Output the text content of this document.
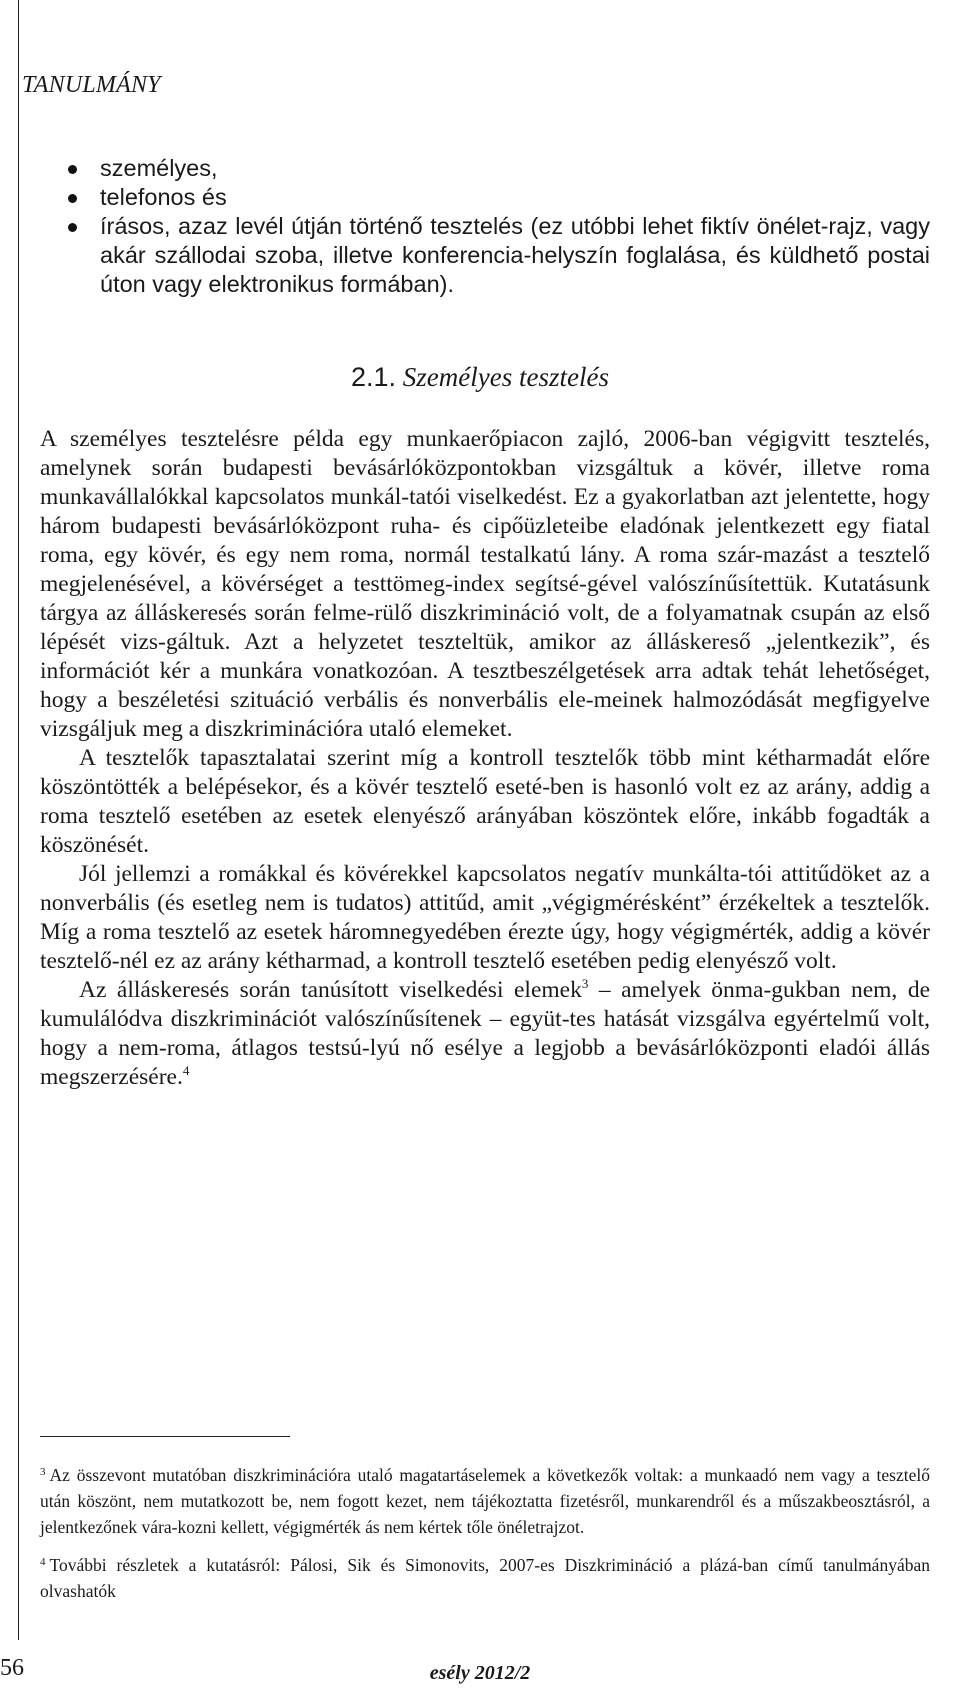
TANULMÁNY
személyes,
telefonos és
írásos, azaz levél útján történő tesztelés (ez utóbbi lehet fiktív önélet-rajz, vagy akár szállodai szoba, illetve konferencia-helyszín foglalása, és küldhető postai úton vagy elektronikus formában).
2.1. Személyes tesztelés

A személyes tesztelésre példa egy munkaerőpiacon zajló, 2006-ban végigvitt tesztelés, amelynek során budapesti bevásárlóközpontokban vizsgáltuk a kövér, illetve roma munkavállalókkal kapcsolatos munkál-tatói viselkedést. Ez a gyakorlatban azt jelentette, hogy három budapesti bevásárlóközpont ruha- és cipőüzleteibe eladónak jelentkezett egy fiatal roma, egy kövér, és egy nem roma, normál testalkatú lány. A roma szár-mazást a tesztelő megjelenésével, a kövérséget a testtömeg-index segítsé-gével valószínűsítettük. Kutatásunk tárgya az álláskeresés során felme-rülő diszkrimináció volt, de a folyamatnak csupán az első lépését vizs-gáltuk. Azt a helyzetet teszteltük, amikor az álláskereső „jelentkezik”, és információt kér a munkára vonatkozóan. A tesztbeszélgetések arra adtak tehát lehetőséget, hogy a beszéletési szituáció verbális és nonverbális ele-meinek halmozódását megfigyelve vizsgáljuk meg a diszkriminációra utaló elemeket.

A tesztelők tapasztalatai szerint míg a kontroll tesztelők több mint kétharmadát előre köszöntötték a belépésekor, és a kövér tesztelő eseté-ben is hasonló volt ez az arány, addig a roma tesztelő esetében az esetek elenyésző arányában köszöntek előre, inkább fogadták a köszönését.

Jól jellemzi a romákkal és kövérekkel kapcsolatos negatív munkálta-tói attitűdöket az a nonverbális (és esetleg nem is tudatos) attitűd, amit „végigmérésként” érzékeltek a tesztelők. Míg a roma tesztelő az esetek háromnegyedében érezte úgy, hogy végigmérték, addig a kövér tesztelő-nél ez az arány kétharmad, a kontroll tesztelő esetében pedig elenyésző volt.

Az álláskeresés során tanúsított viselkedési elemek$^3$ – amelyek önma-gukban nem, de kumulálódva diszkriminációt valószínűsítenek – együt-tes hatását vizsgálva egyértelmű volt, hogy a nem-roma, átlagos testsú-lyú nő esélye a legjobb a bevásárlóközponti eladói állás megszerzésére.$^4$

$^3$ Az összevont mutatóban diszkriminációra utaló magatartáselemek a következők voltak: a munkaadó nem vagy a tesztelő után köszönt, nem mutatkozott be, nem fogott kezet, nem tájékoztatta fizetésről, munkarendről és a műszakbeosztásról, a jelentkezőnek vára-kozni kellett, végigmérték ás nem kértek tőle önéletrajzot.

$^4$ További részletek a kutatásról: Pálosi, Sik és Simonovits, 2007-es Diszkrimináció a plázá-ban című tanulmányában olvashatók

56	esély 2012/2
